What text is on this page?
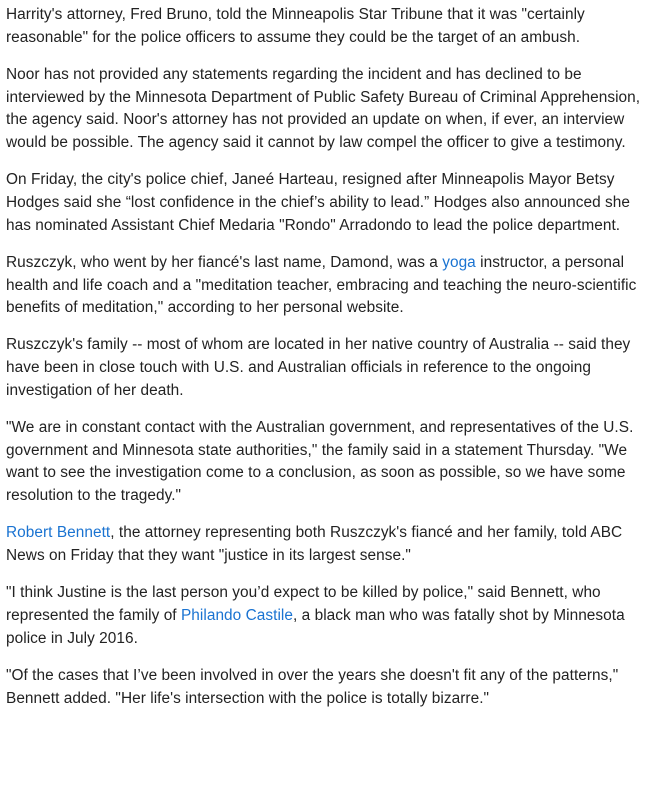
Harrity's attorney, Fred Bruno, told the Minneapolis Star Tribune that it was "certainly reasonable" for the police officers to assume they could be the target of an ambush.

Noor has not provided any statements regarding the incident and has declined to be interviewed by the Minnesota Department of Public Safety Bureau of Criminal Apprehension, the agency said. Noor's attorney has not provided an update on when, if ever, an interview would be possible. The agency said it cannot by law compel the officer to give a testimony.

On Friday, the city's police chief, Janeé Harteau, resigned after Minneapolis Mayor Betsy Hodges said she “lost confidence in the chief’s ability to lead.” Hodges also announced she has nominated Assistant Chief Medaria "Rondo" Arradondo to lead the police department.

Ruszczyk, who went by her fiancé's last name, Damond, was a yoga instructor, a personal health and life coach and a "meditation teacher, embracing and teaching the neuro-scientific benefits of meditation," according to her personal website.

Ruszczyk's family -- most of whom are located in her native country of Australia -- said they have been in close touch with U.S. and Australian officials in reference to the ongoing investigation of her death.

"We are in constant contact with the Australian government, and representatives of the U.S. government and Minnesota state authorities," the family said in a statement Thursday. "We want to see the investigation come to a conclusion, as soon as possible, so we have some resolution to the tragedy."

Robert Bennett, the attorney representing both Ruszczyk's fiancé and her family, told ABC News on Friday that they want "justice in its largest sense."

"I think Justine is the last person you’d expect to be killed by police," said Bennett, who represented the family of Philando Castile, a black man who was fatally shot by Minnesota police in July 2016.

"Of the cases that I’ve been involved in over the years she doesn't fit any of the patterns," Bennett added. "Her life's intersection with the police is totally bizarre."
